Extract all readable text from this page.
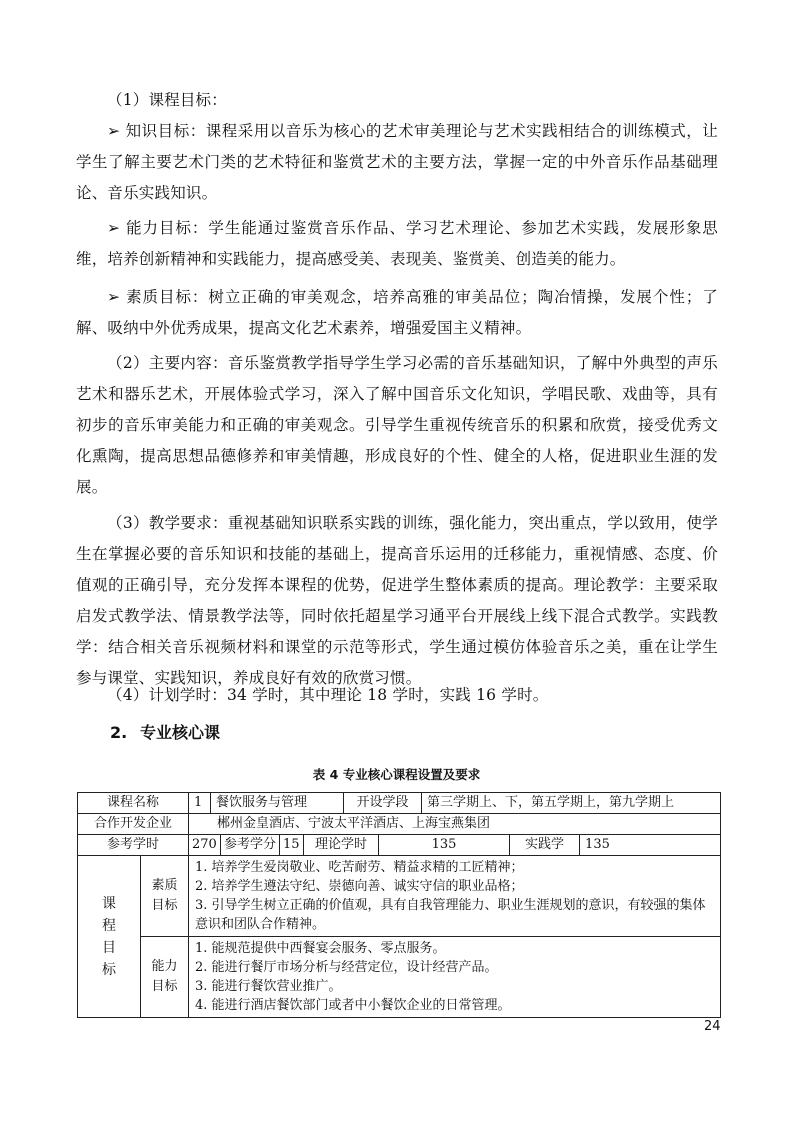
（1）课程目标：

➢ 知识目标：课程采用以音乐为核心的艺术审美理论与艺术实践相结合的训练模式，让学生了解主要艺术门类的艺术特征和鉴赏艺术的主要方法，掌握一定的中外音乐作品基础理论、音乐实践知识。

➢ 能力目标：学生能通过鉴赏音乐作品、学习艺术理论、参加艺术实践，发展形象思维，培养创新精神和实践能力，提高感受美、表现美、鉴赏美、创造美的能力。

➢ 素质目标：树立正确的审美观念，培养高雅的审美品位；陶冶情操，发展个性；了解、吸纳中外优秀成果，提高文化艺术素养，增强爱国主义精神。

（2）主要内容：音乐鉴赏教学指导学生学习必需的音乐基础知识，了解中外典型的声乐艺术和器乐艺术，开展体验式学习，深入了解中国音乐文化知识，学唱民歌、戏曲等，具有初步的音乐审美能力和正确的审美观念。引导学生重视传统音乐的积累和欣赏，接受优秀文化熏陶，提高思想品德修养和审美情趣，形成良好的个性、健全的人格，促进职业生涯的发展。

（3）教学要求：重视基础知识联系实践的训练，强化能力，突出重点，学以致用，使学生在掌握必要的音乐知识和技能的基础上，提高音乐运用的迁移能力，重视情感、态度、价值观的正确引导，充分发挥本课程的优势，促进学生整体素质的提高。理论教学：主要采取启发式教学法、情景教学法等，同时依托超星学习通平台开展线上线下混合式教学。实践教学：结合相关音乐视频材料和课堂的示范等形式，学生通过模仿体验音乐之美，重在让学生参与课堂、实践知识，养成良好有效的欣赏习惯。

（4）计划学时：34 学时，其中理论 18 学时，实践 16 学时。

2. 专业核心课

表 4 专业核心课程设置及要求

课程名称		1	餐饮服务与管理				开设学段		第三学期上、下，第五学期上，第九学期上		
合作开发企业		郴州金皇酒店、宁波太平洋酒店、上海宝燕集团									
参考学时		270		参考学分	15	理论学时		135		实践学	135

课程目标	素质目标	1. 培养学生爱岗敬业、吃苦耐劳、精益求精的工匠精神；
2. 培养学生遵法守纪、崇德向善、诚实守信的职业品格；
3. 引导学生树立正确的价值观，具有自我管理能力、职业生涯规划的意识，有较强的集体意识和团队合作精神。									

	能力目标	1. 能规范提供中西餐宴会服务、零点服务。
2. 能进行餐厅市场分析与经营定位，设计经营产品。
3. 能进行餐饮营业推广。
4. 能进行酒店餐饮部门或者中小餐饮企业的日常管理。									

24
